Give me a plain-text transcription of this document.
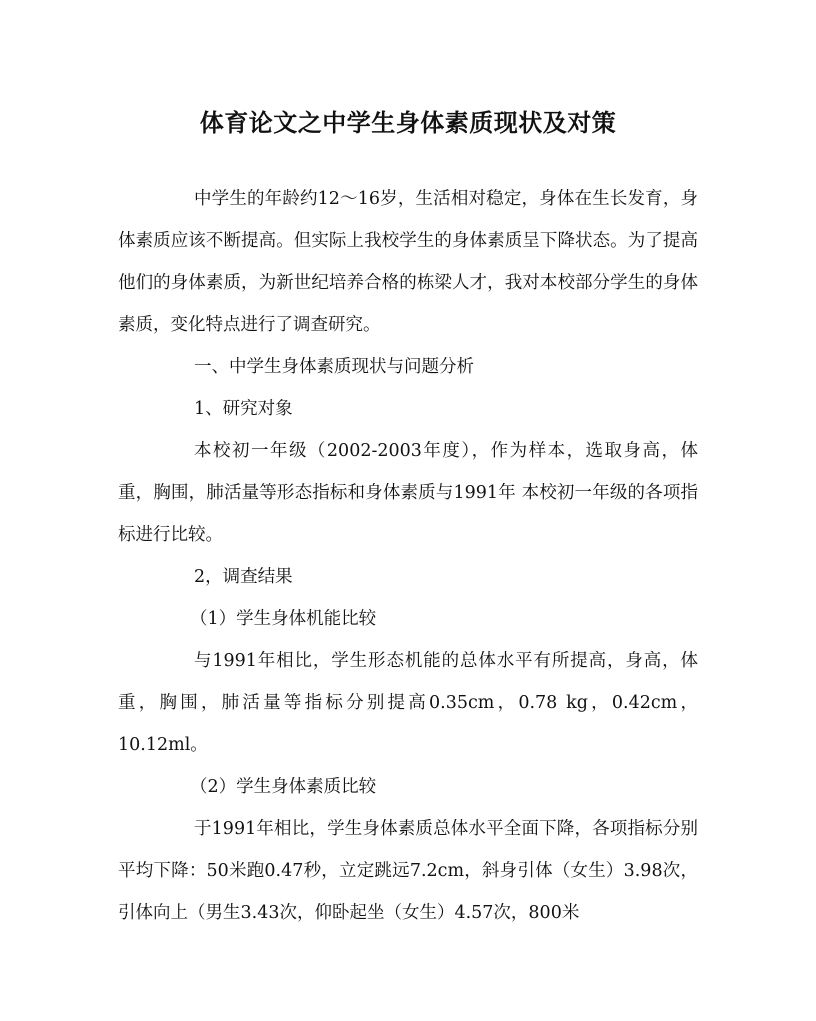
体育论文之中学生身体素质现状及对策

中学生的年龄约12～16岁，生活相对稳定，身体在生长发育，身体素质应该不断提高。但实际上我校学生的身体素质呈下降状态。为了提高他们的身体素质，为新世纪培养合格的栋梁人才，我对本校部分学生的身体素质，变化特点进行了调查研究。

一、中学生身体素质现状与问题分析

1、研究对象

本校初一年级（2002-2003年度），作为样本，选取身高，体重，胸围，肺活量等形态指标和身体素质与1991年 本校初一年级的各项指标进行比较。

2，调查结果

（1）学生身体机能比较

与1991年相比，学生形态机能的总体水平有所提高，身高，体重，胸围，肺活量等指标分别提高0.35cm，0.78 kg，0.42cm，10.12ml。

（2）学生身体素质比较

于1991年相比，学生身体素质总体水平全面下降，各项指标分别平均下降：50米跑0.47秒，立定跳远7.2cm，斜身引体（女生）3.98次，引体向上（男生3.43次，仰卧起坐（女生）4.57次，800米
